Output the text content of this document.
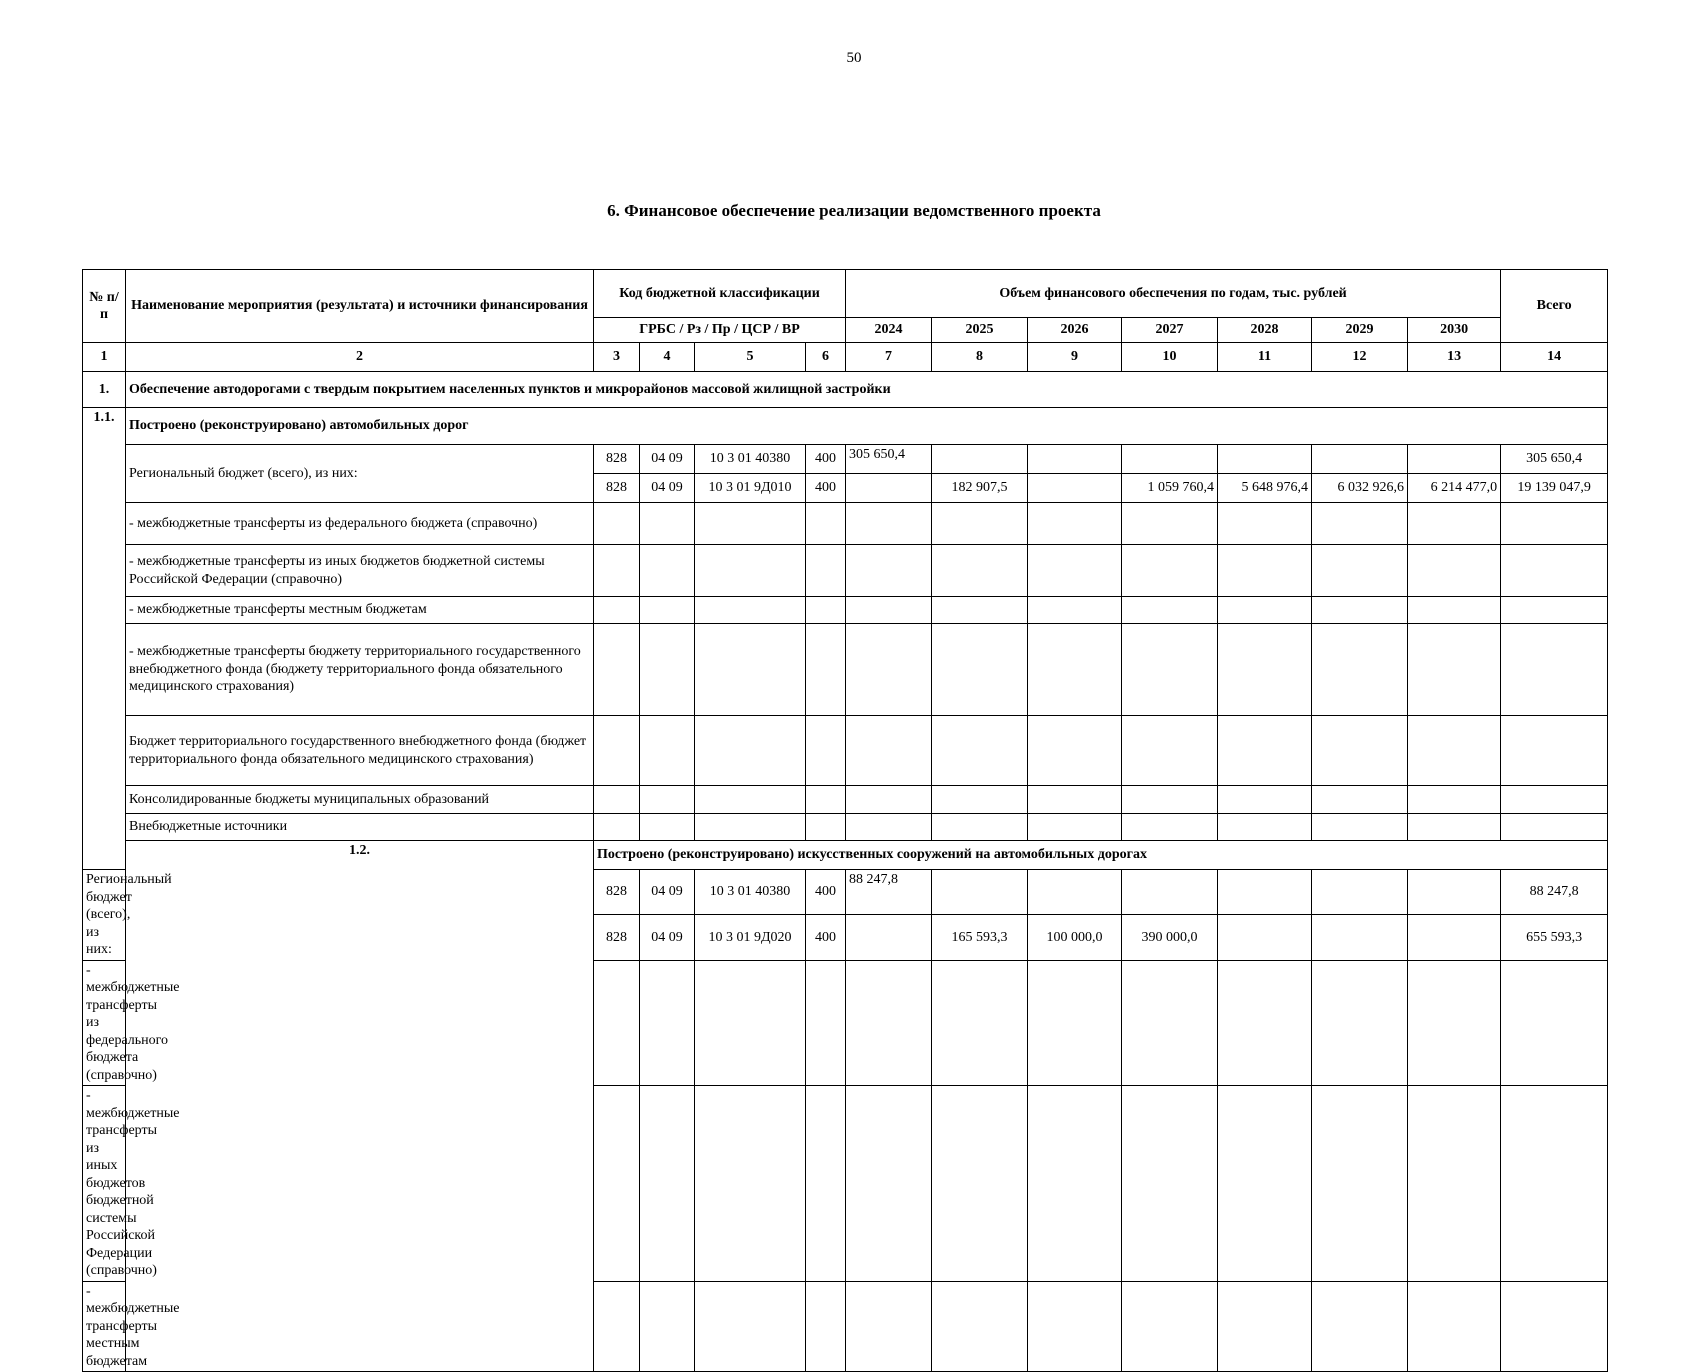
50
6. Финансовое обеспечение реализации ведомственного проекта
№ п/п	Наименование мероприятия (результата) и источники финансирования	Код бюджетной классификации				Объем финансового обеспечения по годам, тыс. рублей							Всего
		ГРБС / Рз / Пр / ЦСР / ВР				2024	2025	2026	2027	2028	2029	2030	
1	2	3	4	5	6	7	8	9	10	11	12	13	14
1.	Обеспечение автодорогами с твердым покрытием населенных пунктов и микрорайонов массовой жилищной застройки												
1.1.	Построено (реконструировано) автомобильных дорог												
	Региональный бюджет (всего), из них:	828	04 09	10 3 01 40380	400	305 650,4							305 650,4
		828	04 09	10 3 01 9Д010	400		182 907,5		1 059 760,4	5 648 976,4	6 032 926,6	6 214 477,0	19 139 047,9
	- межбюджетные трансферты из федерального бюджета (справочно)												
	- межбюджетные трансферты из иных бюджетов бюджетной системы Российской Федерации (справочно)												
	- межбюджетные трансферты местным бюджетам												
	- межбюджетные трансферты бюджету территориального государственного внебюджетного фонда (бюджету территориального фонда обязательного медицинского страхования)												
	Бюджет территориального государственного внебюджетного фонда (бюджет территориального фонда обязательного медицинского страхования)												
	Консолидированные бюджеты муниципальных образований												
	Внебюджетные источники												
	1.2.	Построено (реконструировано) искусственных сооружений на автомобильных дорогах											
Региональный бюджет (всего), из них:		828	04 09	10 3 01 40380	400	88 247,8							88 247,8
		828	04 09	10 3 01 9Д020	400		165 593,3	100 000,0	390 000,0				655 593,3
- межбюджетные трансферты из федерального бюджета (справочно)													
- межбюджетные трансферты из иных бюджетов бюджетной системы Российской Федерации (справочно)													
- межбюджетные трансферты местным бюджетам													
